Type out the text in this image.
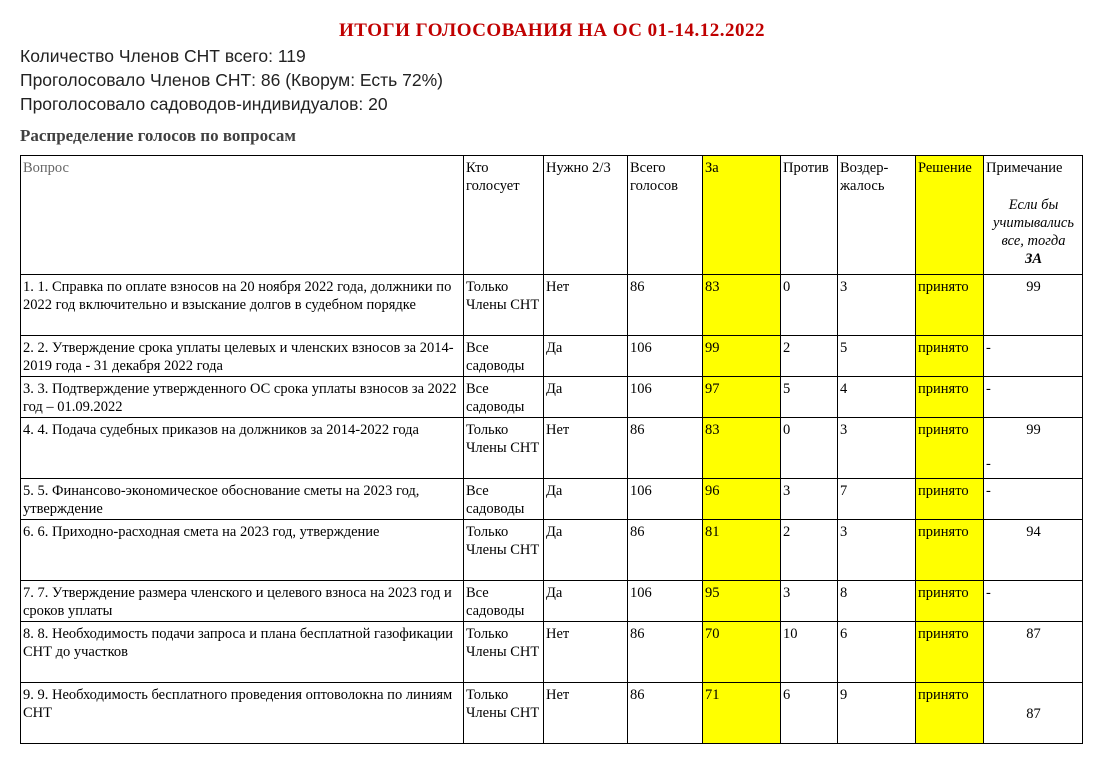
ИТОГИ ГОЛОСОВАНИЯ НА ОС 01-14.12.2022
Количество Членов СНТ всего: 119
Проголосовало Членов СНТ: 86 (Кворум: Есть 72%)
Проголосовало садоводов-индивидуалов: 20
Распределение голосов по вопросам
Вопрос	Кто голосует	Нужно 2/3	Всего голосов	За	Против	Воздер-жалось	Решение	Примечание
Если бы учитывались все, тогда
ЗА

1. 1. Справка по оплате взносов на 20 ноября 2022 года, должники по 2022 год включительно и взыскание долгов в судебном порядке	Только Члены СНТ	Нет	86	83	0	3	принято	99
2. 2. Утверждение срока уплаты целевых и членских взносов за 2014-2019 года - 31 декабря 2022 года	Все садоводы	Да	106	99	2	5	принято	-
3. 3. Подтверждение утвержденного ОС срока уплаты взносов за 2022 год – 01.09.2022	Все садоводы	Да	106	97	5	4	принято	-
4. 4. Подача судебных приказов на должников за 2014-2022 года	Только Члены СНТ	Нет	86	83	0	3	принято	99
-

5. 5. Финансово-экономическое обоснование сметы на 2023 год, утверждение	Все садоводы	Да	106	96	3	7	принято	-
6. 6. Приходно-расходная смета на 2023 год, утверждение	Только Члены СНТ	Да	86	81	2	3	принято	94
7. 7. Утверждение размера членского и целевого взноса на 2023 год и сроков уплаты	Все садоводы	Да	106	95	3	8	принято	-
8. 8. Необходимость подачи запроса и плана бесплатной газофикации СНТ до участков	Только Члены СНТ	Нет	86	70	10	6	принято	87
9. 9. Необходимость бесплатного проведения оптоволокна по линиям СНТ	Только Члены СНТ	Нет	86	71	6	9	принято	87
